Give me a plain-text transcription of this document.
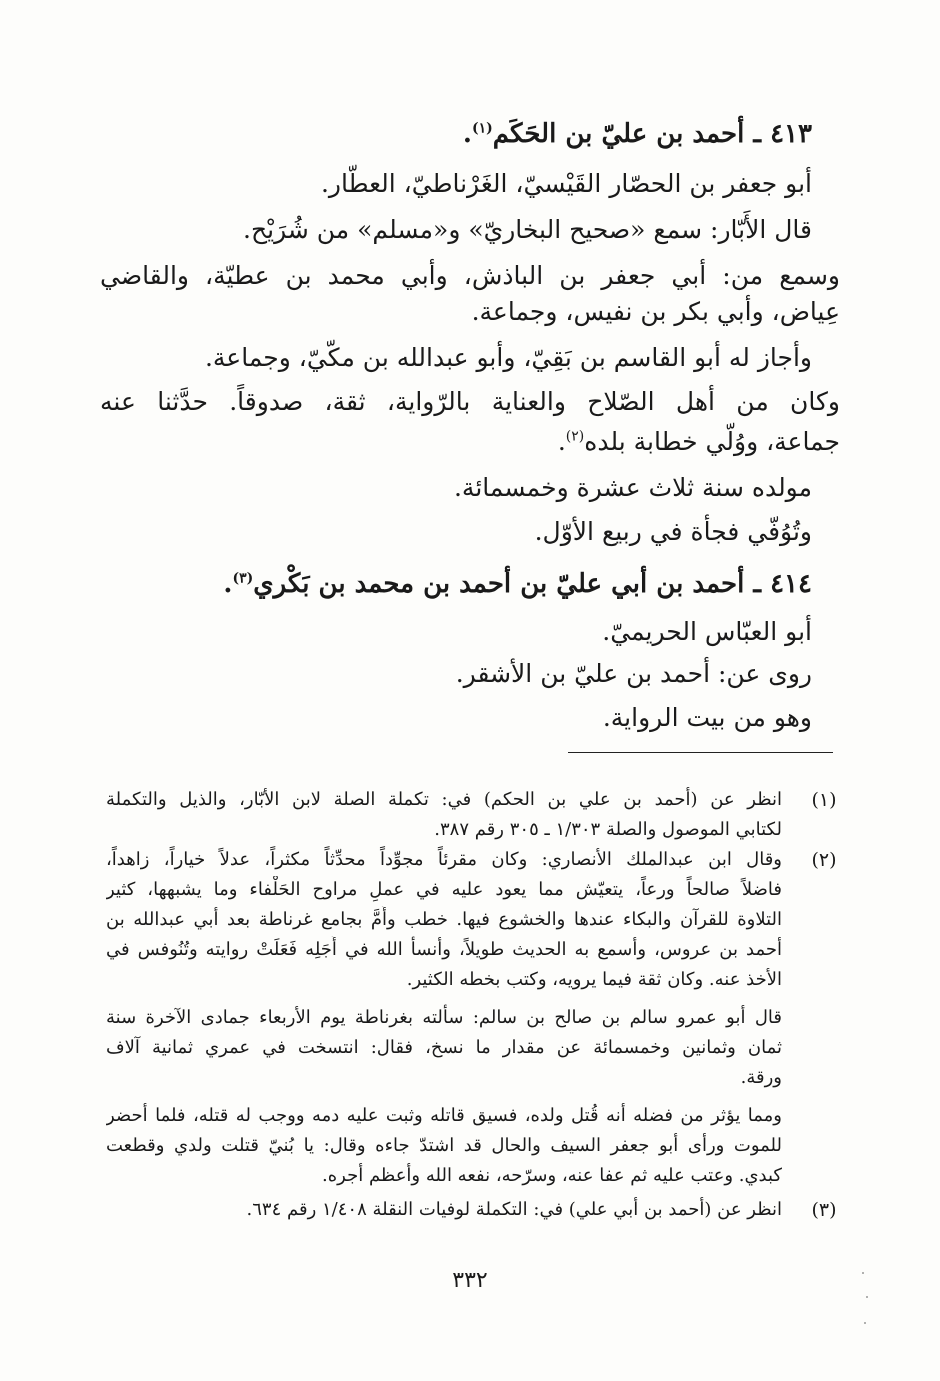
٤١٣ ـ أحمد بن عليّ بن الحَكَم$^{(١)}$.

أبو جعفر بن الحصّار القَيْسيّ، الغَرْناطيّ، العطّار.

قال الأَبّار: سمع «صحيح البخاريّ» و«مسلم» من شُرَيْح.

وسمع من: أبي جعفر بن الباذش، وأبي محمد بن عطيّة، والقاضي

عِياض، وأبي بكر بن نفيس، وجماعة.

وأجاز له أبو القاسم بن بَقِيّ، وأبو عبدالله بن مكّيّ، وجماعة.

وكان من أهل الصّلاح والعناية بالرّواية، ثقة، صدوقاً. حدَّثنا عنه

جماعة، ووُلّي خطابة بلده$^{(٢)}$.

مولده سنة ثلاث عشرة وخمسمائة.

وتُوُفّي فجأة في ربيع الأوّل.

٤١٤ ـ أحمد بن أبي عليّ بن أحمد بن محمد بن بَكْري$^{(٣)}$.

أبو العبّاس الحريميّ.

روى عن: أحمد بن عليّ بن الأشقر.

وهو من بيت الرواية.

(١)

انظر عن (أحمد بن علي بن الحكم) في: تكملة الصلة لابن الأبّار، والذيل والتكملة

لكتابي الموصول والصلة ١/٣٠٣ ـ ٣٠٥ رقم ٣٨٧.

(٢)

وقال ابن عبدالملك الأنصاري: وكان مقرئاً مجوِّداً محدِّثاً مكثراً، عدلاً خياراً، زاهداً،

فاضلاً صالحاً ورعاً، يتعيّش مما يعود عليه في عملِ مراوح الحَلْفاء وما يشبهها، كثير

التلاوة للقرآن والبكاء عندها والخشوع فيها. خطب وأَمَّ بجامع غرناطة بعد أبي عبدالله بن

أحمد بن عروس، وأسمع به الحديث طويلاً، وأنسأ الله في أَجَلِه فَعَلَتْ روايته وتُنُوفس في

الأخذ عنه. وكان ثقة فيما يرويه، وكتب بخطه الكثير.

قال أبو عمرو سالم بن صالح بن سالم: سألته بغرناطة يوم الأربعاء جمادى الآخرة سنة

ثمان وثمانين وخمسمائة عن مقدار ما نسخ، فقال: انتسخت في عمري ثمانية آلاف

ورقة.

ومما يؤثر من فضله أنه قُتل ولده، فسيق قاتله وثبت عليه دمه ووجب له قتله، فلما أحضر

للموت ورأى أبو جعفر السيف والحال قد اشتدّ جاءه وقال: يا بُنيّ قتلت ولدي وقطعت

كبدي. وعتب عليه ثم عفا عنه، وسرّحه، نفعه الله وأعظم أجره.

(٣)

انظر عن (أحمد بن أبي علي) في: التكملة لوفيات النقلة ١/٤٠٨ رقم ٦٣٤.

٣٣٢
